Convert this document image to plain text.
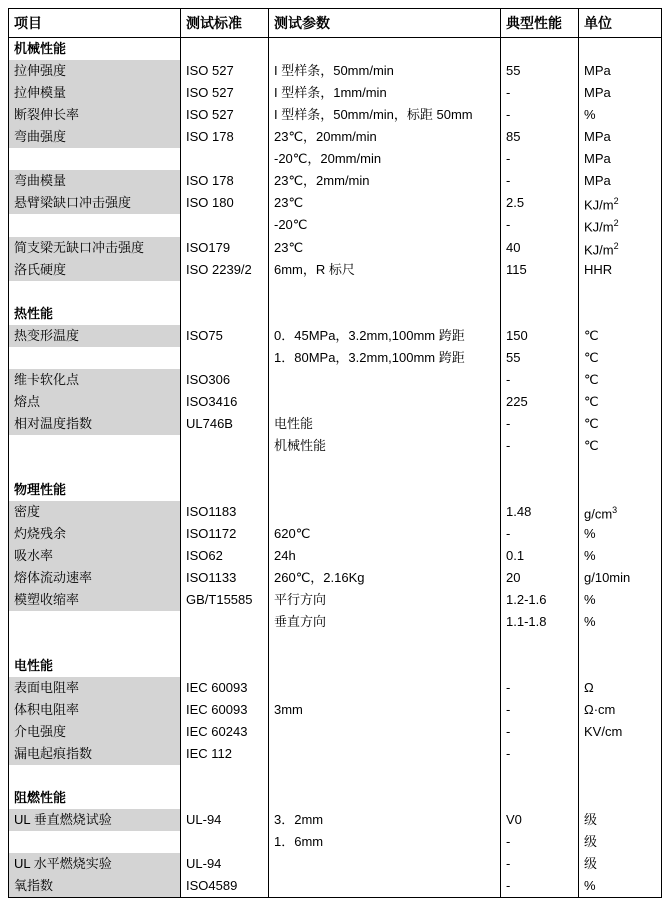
项目	测试标准	测试参数	典型性能	单位
机械性能				
拉伸强度	ISO 527	I 型样条，50mm/min	55	MPa
拉伸模量	ISO 527	I 型样条，1mm/min	-	MPa
断裂伸长率	ISO 527	I 型样条，50mm/min，标距 50mm	-	%
弯曲强度	ISO 178	23℃，20mm/min	85	MPa
		-20℃，20mm/min	-	MPa
弯曲模量	ISO 178	23℃，2mm/min	-	MPa
悬臂梁缺口冲击强度	ISO 180	23℃	2.5	$KJ/m^2$
		-20℃	-	$KJ/m^2$
简支梁无缺口冲击强度	ISO179	23℃	40	$KJ/m^2$
洛氏硬度	ISO 2239/2	6mm，R 标尺	115	HHR

热性能				
热变形温度	ISO75	0．45MPa，3.2mm,100mm 跨距	150	℃
		1．80MPa，3.2mm,100mm 跨距	55	℃
维卡软化点	ISO306		-	℃
熔点	ISO3416		225	℃
相对温度指数	UL746B	电性能	-	℃
		机械性能	-	℃

物理性能				
密度	ISO1183		1.48	$g/cm^3$
灼烧残余	ISO1172	620℃	-	%
吸水率	ISO62	24h	0.1	%
熔体流动速率	ISO1133	260℃，2.16Kg	20	g/10min
模塑收缩率	GB/T15585	平行方向	1.2-1.6	%
		垂直方向	1.1-1.8	%

电性能				
表面电阻率	IEC 60093		-	Ω
体积电阻率	IEC 60093	3mm	-	Ω·cm
介电强度	IEC 60243		-	KV/cm
漏电起痕指数	IEC 112		-	

阻燃性能				
UL 垂直燃烧试验	UL-94	3．2mm	V0	级
		1．6mm	-	级
UL 水平燃烧实验	UL-94		-	级
氧指数	ISO4589		-	%
